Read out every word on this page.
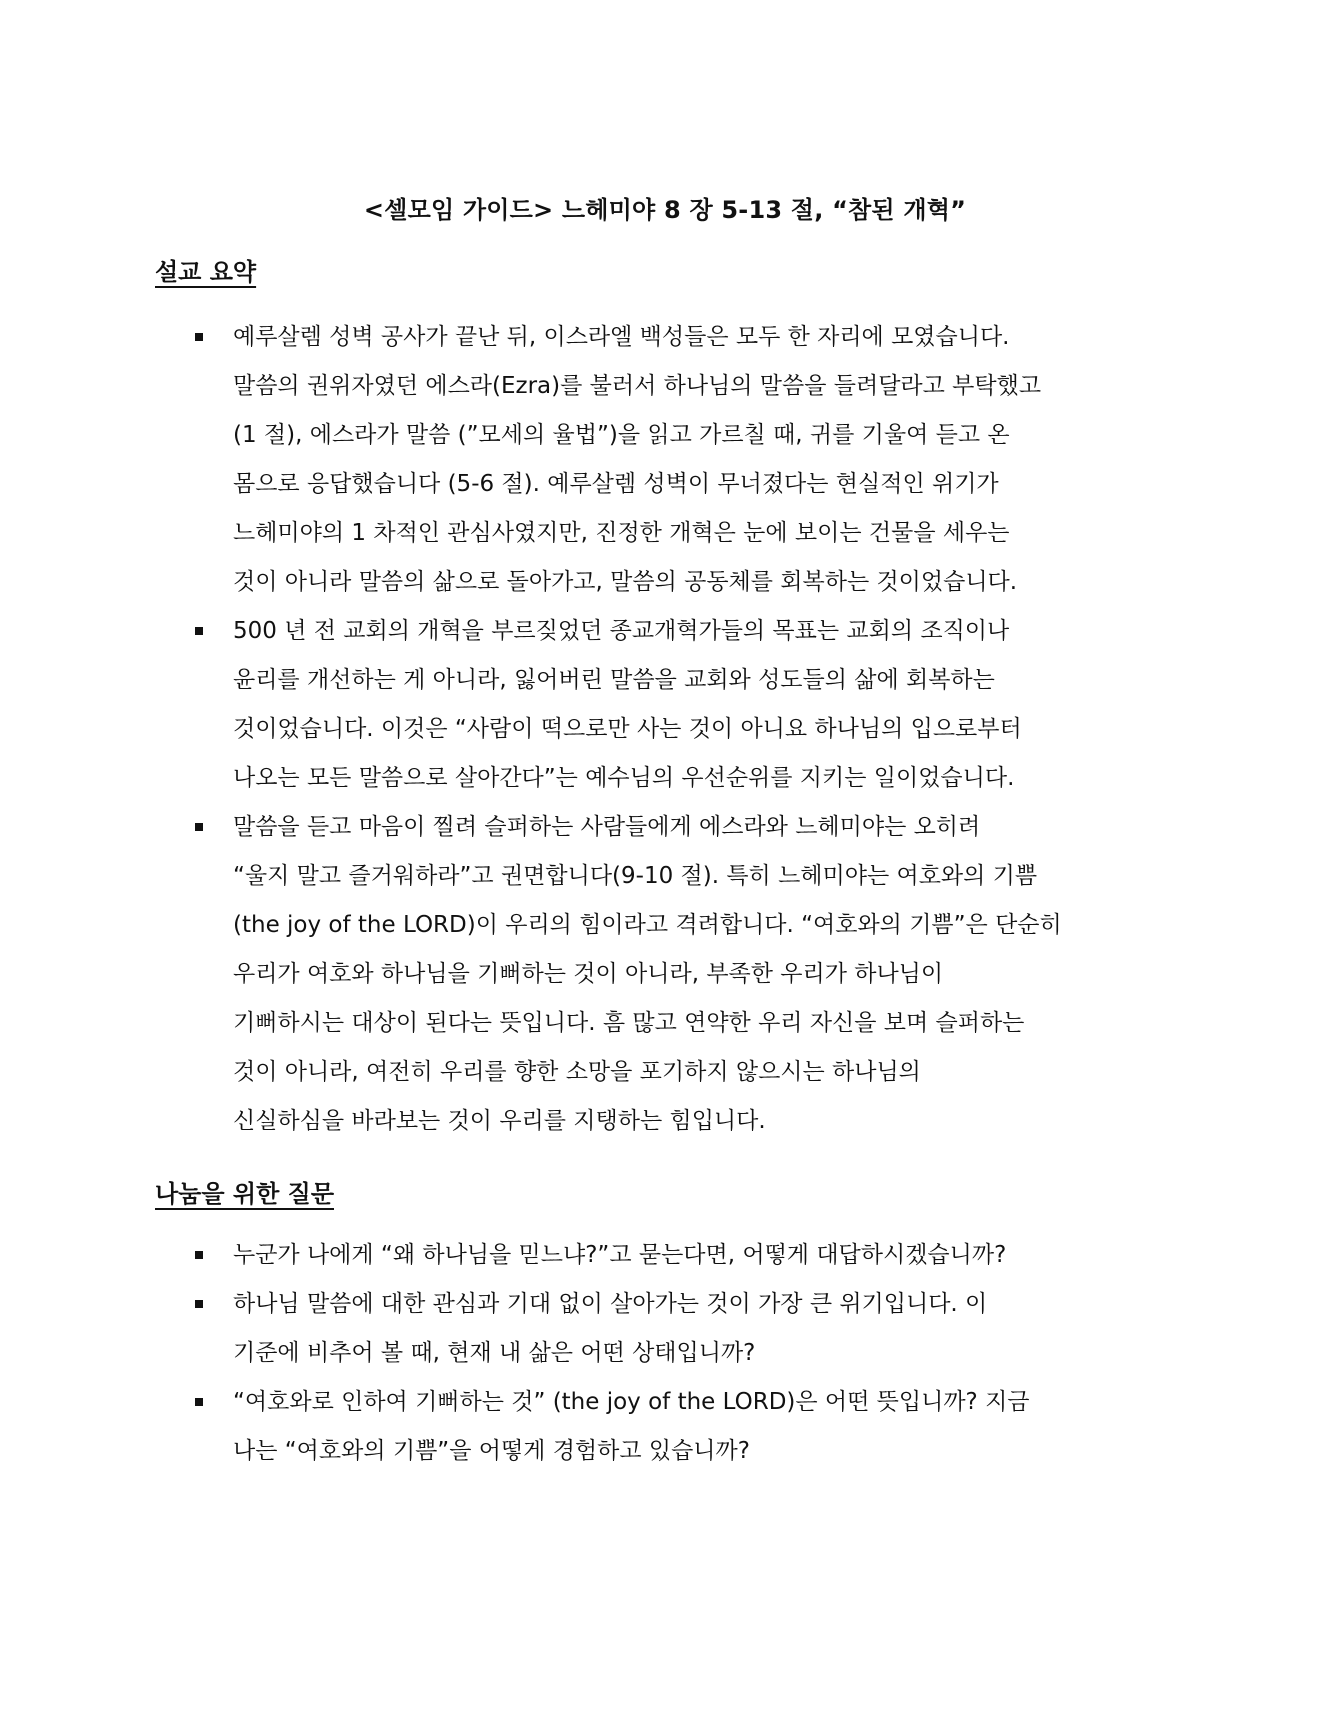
<셀모임 가이드> 느헤미야 8 장 5-13 절, “참된 개혁”
설교 요약
예루살렘 성벽 공사가 끝난 뒤, 이스라엘 백성들은 모두 한 자리에 모였습니다.
말씀의 권위자였던 에스라(Ezra)를 불러서 하나님의 말씀을 들려달라고 부탁했고
(1 절), 에스라가 말씀 (”모세의 율법”)을 읽고 가르칠 때, 귀를 기울여 듣고 온
몸으로 응답했습니다 (5-6 절). 예루살렘 성벽이 무너졌다는 현실적인 위기가
느헤미야의 1 차적인 관심사였지만, 진정한 개혁은 눈에 보이는 건물을 세우는
것이 아니라 말씀의 삶으로 돌아가고, 말씀의 공동체를 회복하는 것이었습니다.
500 년 전 교회의 개혁을 부르짖었던 종교개혁가들의 목표는 교회의 조직이나
윤리를 개선하는 게 아니라, 잃어버린 말씀을 교회와 성도들의 삶에 회복하는
것이었습니다. 이것은 “사람이 떡으로만 사는 것이 아니요 하나님의 입으로부터
나오는 모든 말씀으로 살아간다”는 예수님의 우선순위를 지키는 일이었습니다.
말씀을 듣고 마음이 찔려 슬퍼하는 사람들에게 에스라와 느헤미야는 오히려
“울지 말고 즐거워하라”고 권면합니다(9-10 절). 특히 느헤미야는 여호와의 기쁨
(the joy of the LORD)이 우리의 힘이라고 격려합니다. “여호와의 기쁨”은 단순히
우리가 여호와 하나님을 기뻐하는 것이 아니라, 부족한 우리가 하나님이
기뻐하시는 대상이 된다는 뜻입니다. 흠 많고 연약한 우리 자신을 보며 슬퍼하는
것이 아니라, 여전히 우리를 향한 소망을 포기하지 않으시는 하나님의
신실하심을 바라보는 것이 우리를 지탱하는 힘입니다.
나눔을 위한 질문
누군가 나에게 “왜 하나님을 믿느냐?”고 묻는다면, 어떻게 대답하시겠습니까?
하나님 말씀에 대한 관심과 기대 없이 살아가는 것이 가장 큰 위기입니다. 이
기준에 비추어 볼 때, 현재 내 삶은 어떤 상태입니까?
“여호와로 인하여 기뻐하는 것” (the joy of the LORD)은 어떤 뜻입니까? 지금
나는 “여호와의 기쁨”을 어떻게 경험하고 있습니까?
